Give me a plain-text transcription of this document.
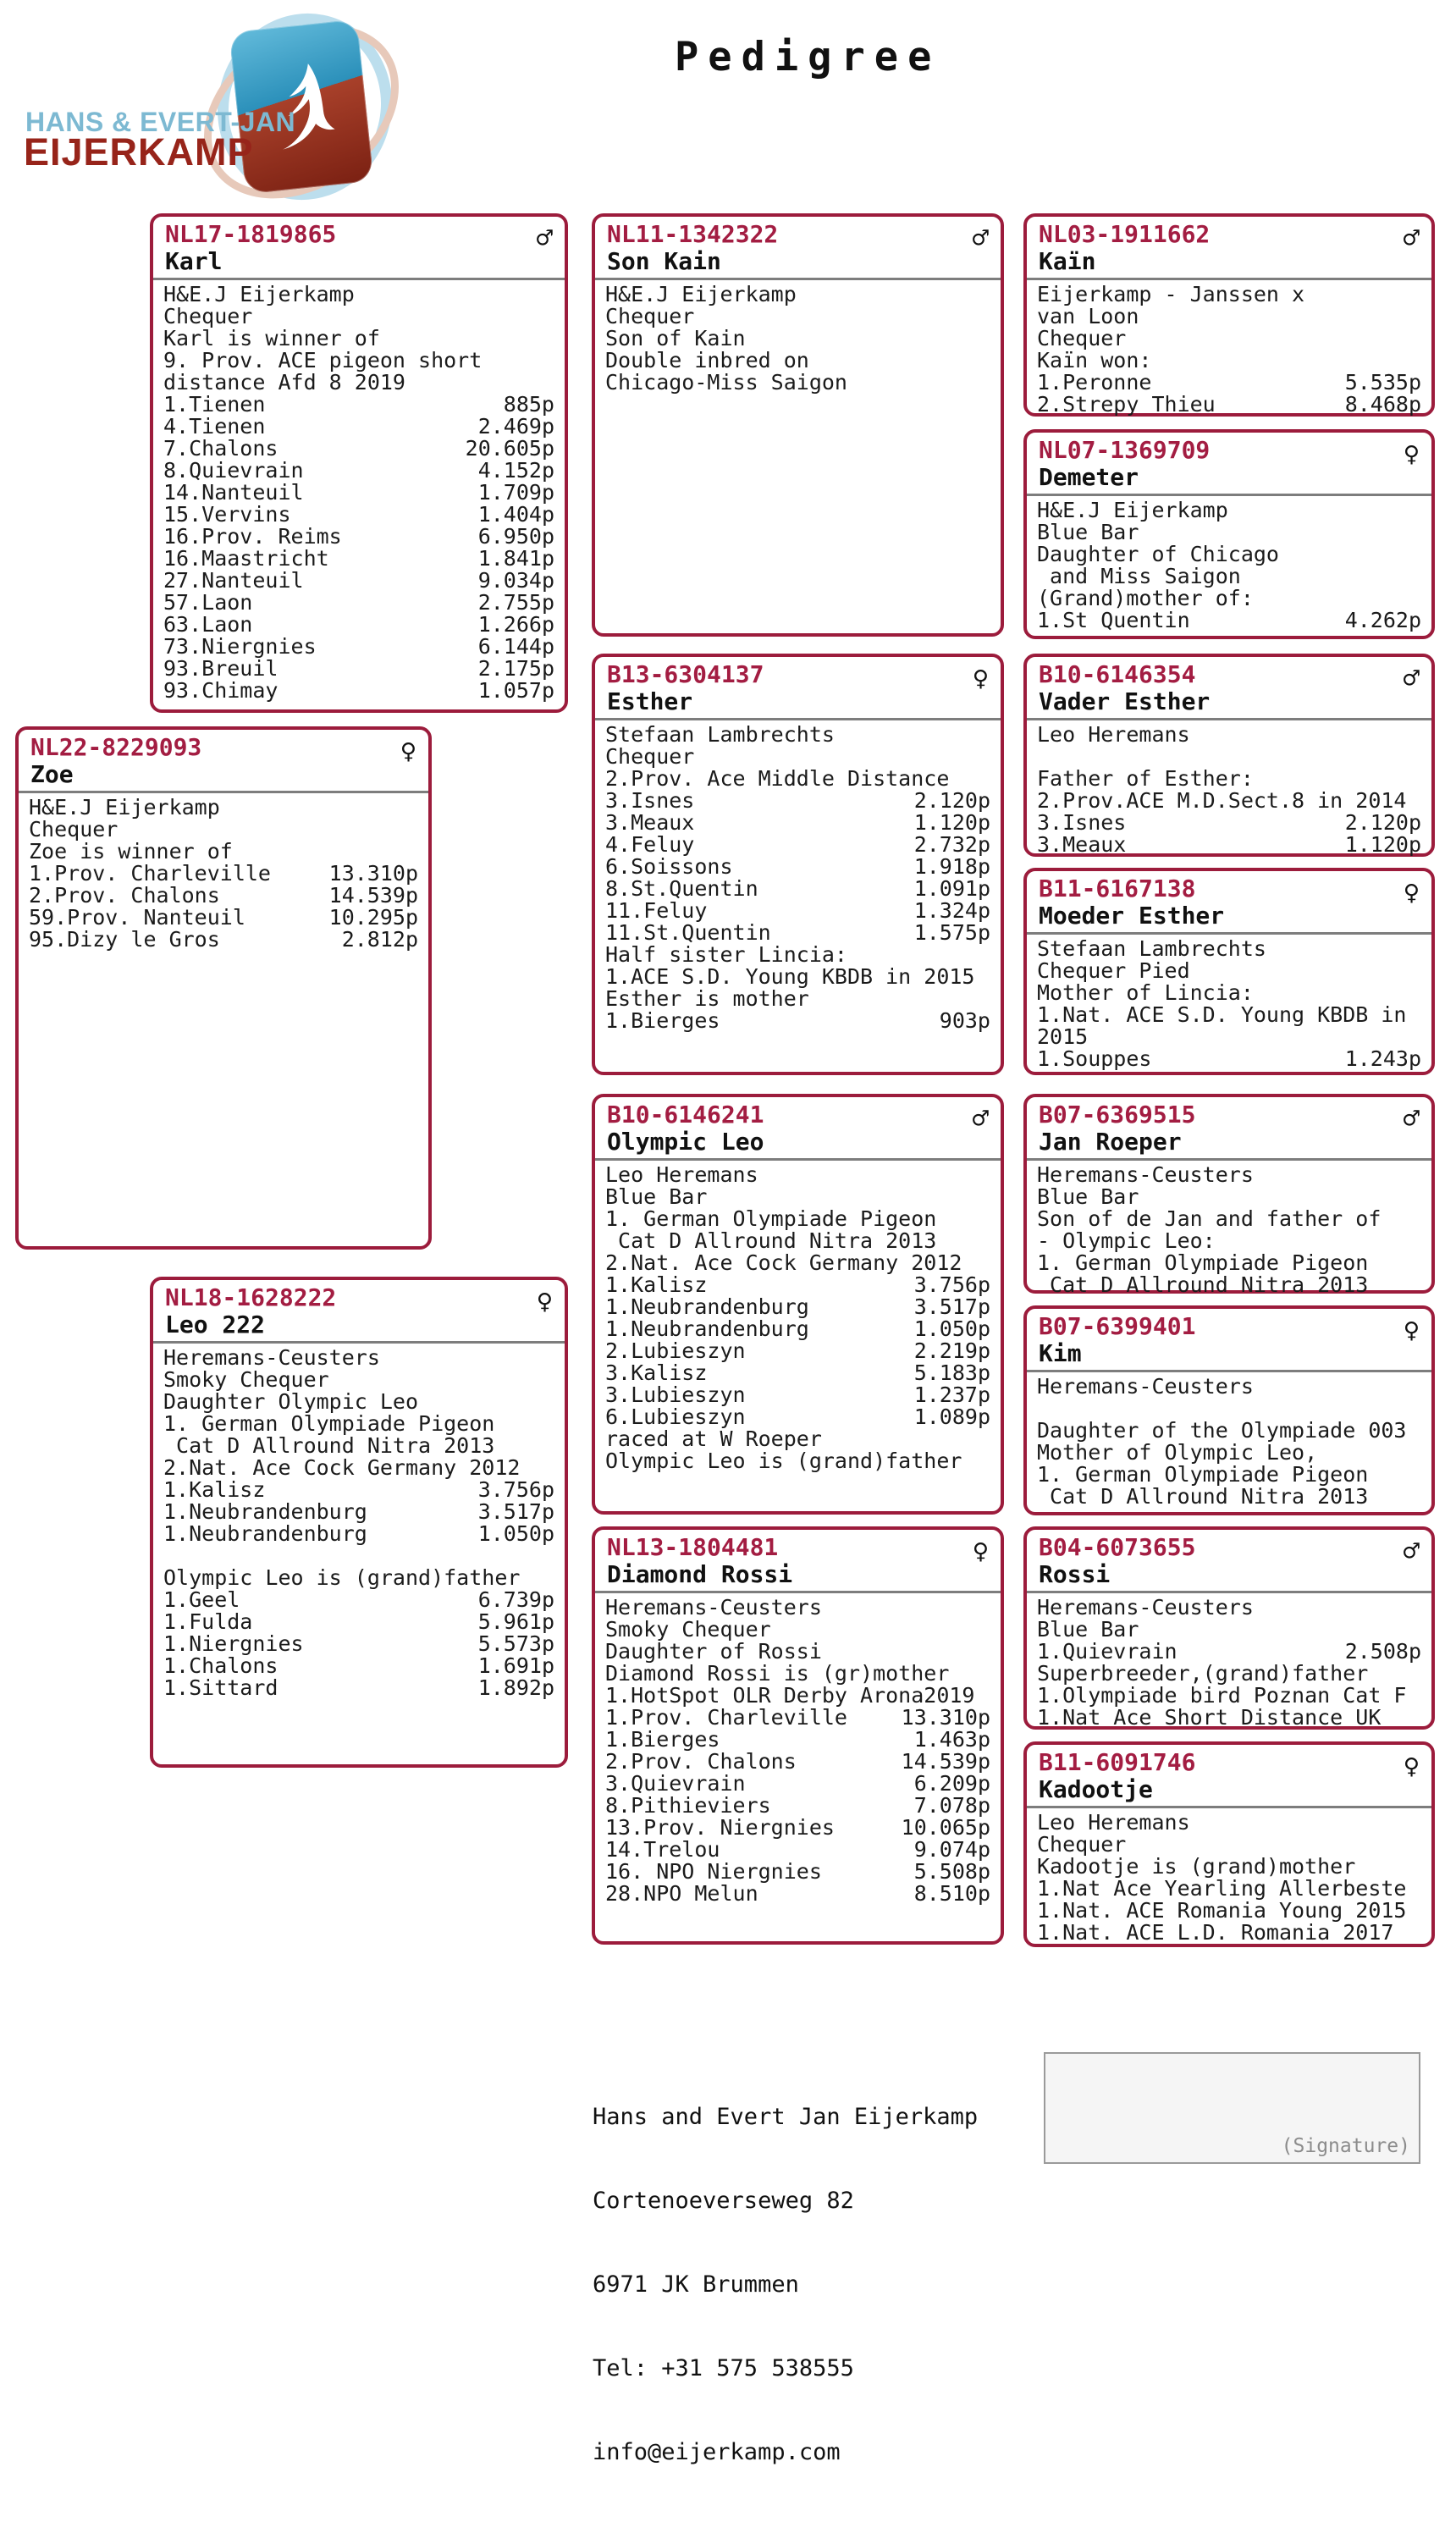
HANS & EVERT-JAN
EIJERKAMP
Pedigree
NL17-1819865
Karl
♂
H&E.J Eijerkamp
Chequer
Karl is winner of
9. Prov. ACE pigeon short
distance Afd 8 2019
1.Tienen	885p
4.Tienen	2.469p
7.Chalons	20.605p
8.Quievrain	4.152p
14.Nanteuil	1.709p
15.Vervins	1.404p
16.Prov. Reims	6.950p
16.Maastricht	1.841p
27.Nanteuil	9.034p
57.Laon	2.755p
63.Laon	1.266p
73.Niergnies	6.144p
93.Breuil	2.175p
93.Chimay	1.057p
NL22-8229093
Zoe
♀
H&E.J Eijerkamp
Chequer
Zoe is winner of
1.Prov. Charleville	13.310p
2.Prov. Chalons	14.539p
59.Prov. Nanteuil	10.295p
95.Dizy le Gros	2.812p
NL18-1628222
Leo 222
♀
Heremans-Ceusters
Smoky Chequer
Daughter Olympic Leo
1. German Olympiade Pigeon
Cat D Allround Nitra 2013
2.Nat. Ace Cock Germany 2012
1.Kalisz	3.756p
1.Neubrandenburg	3.517p
1.Neubrandenburg	1.050p

Olympic Leo is (grand)father
1.Geel	6.739p
1.Fulda	5.961p
1.Niergnies	5.573p
1.Chalons	1.691p
1.Sittard	1.892p
NL11-1342322
Son Kain
♂
H&E.J Eijerkamp
Chequer
Son of Kain
Double inbred on
Chicago-Miss Saigon
B13-6304137
Esther
♀
Stefaan Lambrechts
Chequer
2.Prov. Ace Middle Distance
3.Isnes	2.120p
3.Meaux	1.120p
4.Feluy	2.732p
6.Soissons	1.918p
8.St.Quentin	1.091p
11.Feluy	1.324p
11.St.Quentin	1.575p
Half sister Lincia:
1.ACE S.D. Young KBDB in 2015
Esther is mother
1.Bierges	903p
B10-6146241
Olympic Leo
♂
Leo Heremans
Blue Bar
1. German Olympiade Pigeon
Cat D Allround Nitra 2013
2.Nat. Ace Cock Germany 2012
1.Kalisz	3.756p
1.Neubrandenburg	3.517p
1.Neubrandenburg	1.050p
2.Lubieszyn	2.219p
3.Kalisz	5.183p
3.Lubieszyn	1.237p
6.Lubieszyn	1.089p
raced at W Roeper
Olympic Leo is (grand)father
NL13-1804481
Diamond Rossi
♀
Heremans-Ceusters
Smoky Chequer
Daughter of Rossi
Diamond Rossi is (gr)mother
1.HotSpot OLR Derby Arona2019
1.Prov. Charleville	13.310p
1.Bierges	1.463p
2.Prov. Chalons	14.539p
3.Quievrain	6.209p
8.Pithieviers	7.078p
13.Prov. Niergnies	10.065p
14.Trelou	9.074p
16. NPO Niergnies	5.508p
28.NPO Melun	8.510p
NL03-1911662
Kaïn
♂
Eijerkamp - Janssen x
van Loon
Chequer
Kaïn won:
1.Peronne	5.535p
2.Strepy Thieu	8.468p
NL07-1369709
Demeter
♀
H&E.J Eijerkamp
Blue Bar
Daughter of Chicago
and Miss Saigon
(Grand)mother of:
1.St Quentin	4.262p
B10-6146354
Vader Esther
♂
Leo Heremans

Father of Esther:
2.Prov.ACE M.D.Sect.8 in 2014
3.Isnes	2.120p
3.Meaux	1.120p
B11-6167138
Moeder Esther
♀
Stefaan Lambrechts
Chequer Pied
Mother of Lincia:
1.Nat. ACE S.D. Young KBDB in
2015
1.Souppes	1.243p
B07-6369515
Jan Roeper
♂
Heremans-Ceusters
Blue Bar
Son of de Jan and father of
- Olympic Leo:
1. German Olympiade Pigeon
Cat D Allround Nitra 2013
B07-6399401
Kim
♀
Heremans-Ceusters

Daughter of the Olympiade 003
Mother of Olympic Leo,
1. German Olympiade Pigeon
Cat D Allround Nitra 2013
B04-6073655
Rossi
♂
Heremans-Ceusters
Blue Bar
1.Quievrain	2.508p
Superbreeder,(grand)father
1.Olympiade bird Poznan Cat F
1.Nat Ace Short Distance UK
B11-6091746
Kadootje
♀
Leo Heremans
Chequer
Kadootje is (grand)mother
1.Nat Ace Yearling Allerbeste
1.Nat. ACE Romania Young 2015
1.Nat. ACE L.D. Romania 2017

Hans and Evert Jan Eijerkamp

Cortenoeverseweg 82

6971 JK Brummen

Tel: +31 575 538555

info@eijerkamp.com

(Signature)
